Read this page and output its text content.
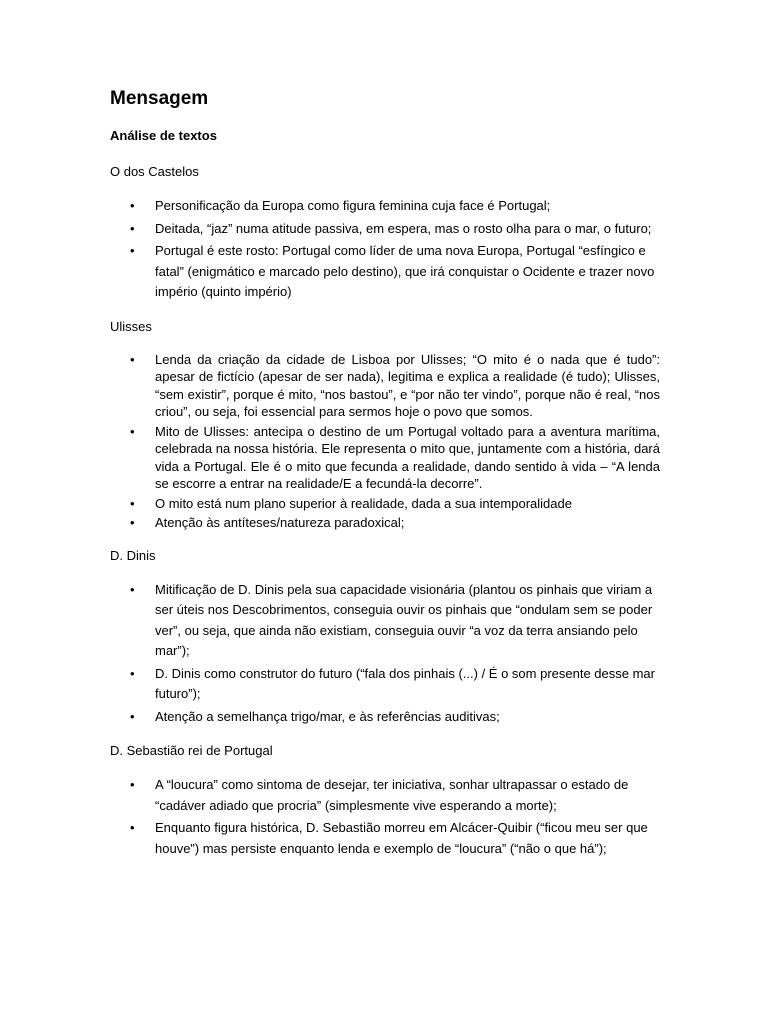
Mensagem
Análise de textos
O dos Castelos
• Personificação da Europa como figura feminina cuja face é Portugal;
• Deitada, “jaz” numa atitude passiva, em espera, mas o rosto olha para o mar, o futuro;
• Portugal é este rosto: Portugal como líder de uma nova Europa, Portugal “esfíngico e fatal” (enigmático e marcado pelo destino), que irá conquistar o Ocidente e trazer novo império (quinto império)
Ulisses
• Lenda da criação da cidade de Lisboa por Ulisses; “O mito é o nada que é tudo”: apesar de fictício (apesar de ser nada), legitima e explica a realidade (é tudo); Ulisses, “sem existir”, porque é mito, “nos bastou”, e “por não ter vindo”, porque não é real, “nos criou”, ou seja, foi essencial para sermos hoje o povo que somos.
• Mito de Ulisses: antecipa o destino de um Portugal voltado para a aventura marítima, celebrada na nossa história. Ele representa o mito que, juntamente com a história, dará vida a Portugal. Ele é o mito que fecunda a realidade, dando sentido à vida – “A lenda se escorre a entrar na realidade/E a fecundá-la decorre”.
• O mito está num plano superior à realidade, dada a sua intemporalidade
• Atenção às antíteses/natureza paradoxical;
D. Dinis
• Mitificação de D. Dinis pela sua capacidade visionária (plantou os pinhais que viriam a ser úteis nos Descobrimentos, conseguia ouvir os pinhais que “ondulam sem se poder ver”, ou seja, que ainda não existiam, conseguia ouvir “a voz da terra ansiando pelo mar”);
• D. Dinis como construtor do futuro (“fala dos pinhais (...) / É o som presente desse mar futuro”);
• Atenção a semelhança trigo/mar, e às referências auditivas;
D. Sebastião rei de Portugal
• A “loucura” como sintoma de desejar, ter iniciativa, sonhar ultrapassar o estado de “cadáver adiado que procria” (simplesmente vive esperando a morte);
• Enquanto figura histórica, D. Sebastião morreu em Alcácer-Quibir (“ficou meu ser que houve”) mas persiste enquanto lenda e exemplo de “loucura” (“não o que há”);
